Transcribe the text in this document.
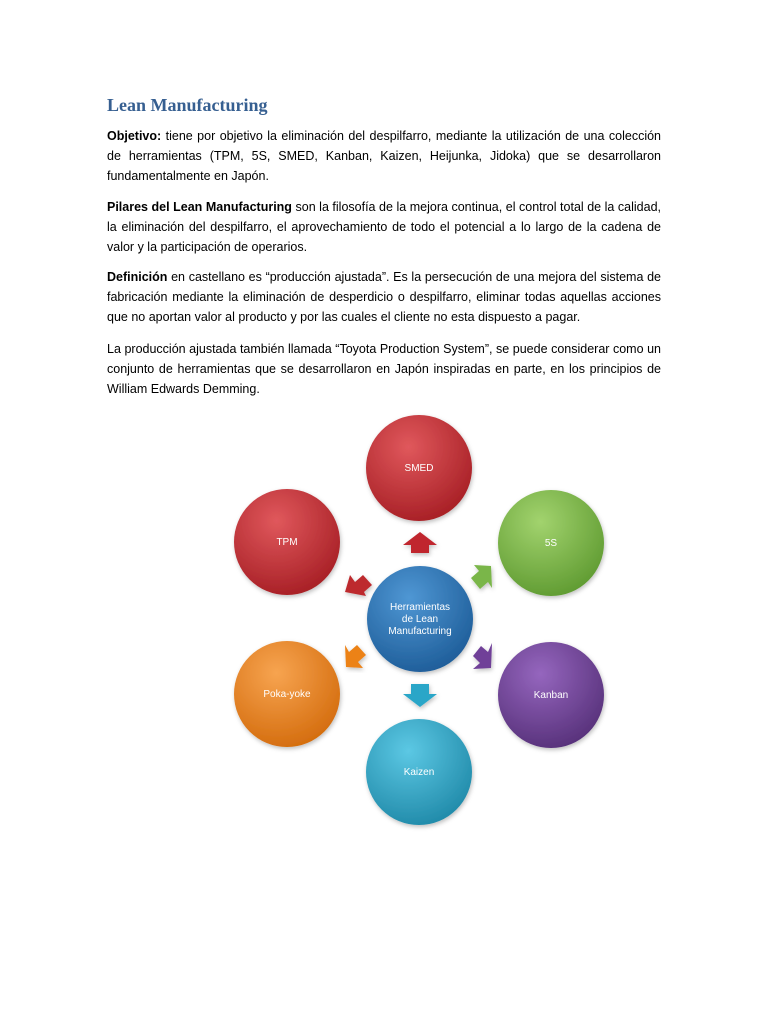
Lean Manufacturing
Objetivo: tiene por objetivo la eliminación del despilfarro, mediante la utilización de una colección de herramientas (TPM, 5S, SMED, Kanban, Kaizen, Heijunka, Jidoka) que se desarrollaron fundamentalmente en Japón.
Pilares del Lean Manufacturing son la filosofía de la mejora continua, el control total de la calidad, la eliminación del despilfarro, el aprovechamiento de todo el potencial a lo largo de la cadena de valor y la participación de operarios.
Definición en castellano es “producción ajustada”. Es la persecución de una mejora del sistema de fabricación mediante la eliminación de desperdicio o despilfarro, eliminar todas aquellas acciones que no aportan valor al producto y por las cuales el cliente no esta dispuesto a pagar.
La producción ajustada también llamada “Toyota Production System”, se puede considerar como un conjunto de herramientas que se desarrollaron en Japón inspiradas en parte, en los principios de William Edwards Demming.
Herramientas
de Lean
Manufacturing
SMED
5S
Kanban
Kaizen
Poka-yoke
TPM
